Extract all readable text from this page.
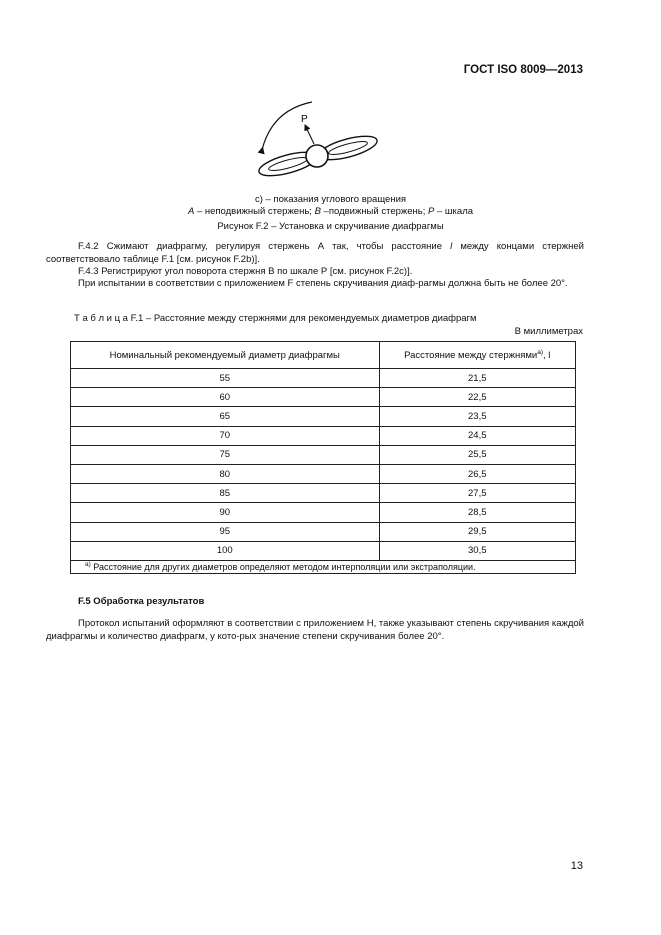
ГОСТ ISO 8009—2013
P
c) – показания углового вращения
А – неподвижный стержень; В –подвижный стержень; Р – шкала
Рисунок F.2 – Установка и скручивание диафрагмы
F.4.2 Сжимают диафрагму, регулируя стержень А так, чтобы расстояние l между концами стержней соответствовало таблице F.1 [см. рисунок F.2b)].
F.4.3 Регистрируют угол поворота стержня В по шкале Р [см. рисунок F.2c)].
При испытании в соответствии с приложением F степень скручивания диаф-рагмы должна быть не более 20°.
Т а б л и ц а F.1 – Расстояние между стержнями для рекомендуемых диаметров диафрагм
В миллиметрах
Номинальный рекомендуемый диаметр диафрагмы	Расстояние между стержнями$^{а)}$, l
55	21,5
60	22,5
65	23,5
70	24,5
75	25,5
80	26,5
85	27,5
90	28,5
95	29,5
100	30,5
$^{а)}$ Расстояние для других диаметров определяют методом интерполяции или экстраполяции.	
F.5 Обработка результатов
Протокол испытаний оформляют в соответствии с приложением Н, также указывают степень скручивания каждой диафрагмы и количество диафрагм, у кото-рых значение степени скручивания более 20°.
13
